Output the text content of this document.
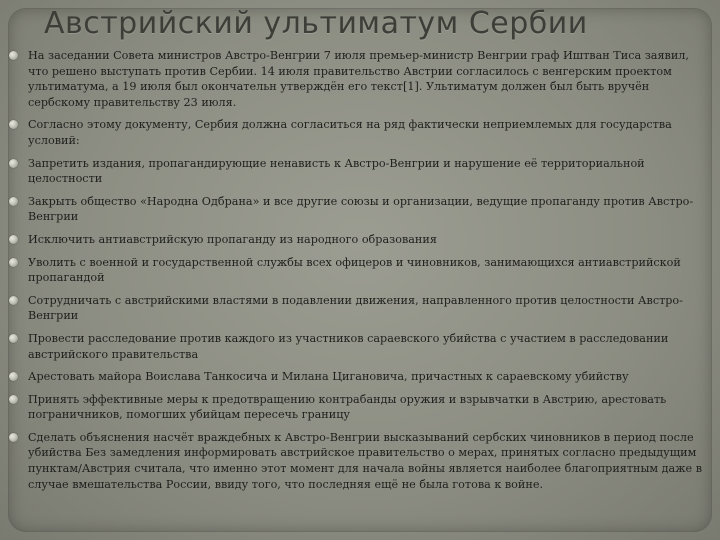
Австрийский ультиматум Сербии
На заседании Совета министров Австро-Венгрии 7 июля премьер-министр Венгрии граф Иштван Тиса заявил, что решено выступать против Сербии. 14 июля правительство Австрии согласилось с венгерским проектом ультиматума, а 19 июля был окончательн утверждён его текст[1]. Ультиматум должен был быть вручён сербскому правительству 23 июля.
Согласно этому документу, Сербия должна согласиться на ряд фактически неприемлемых для государства условий:
Запретить издания, пропагандирующие ненависть к Австро-Венгрии и нарушение её территориальной целостности
Закрыть общество «Народна Одбрана» и все другие союзы и организации, ведущие пропаганду против Австро-Венгрии
Исключить антиавстрийскую пропаганду из народного образования
Уволить с военной и государственной службы всех офицеров и чиновников, занимающихся антиавстрийской пропагандой
Сотрудничать с австрийскими властями в подавлении движения, направленного против целостности Австро-Венгрии
Провести расследование против каждого из участников сараевского убийства с участием в расследовании австрийского правительства
Арестовать майора Воислава Танкосича и Милана Цигановича, причастных к сараевскому убийству
Принять эффективные меры к предотвращению контрабанды оружия и взрывчатки в Австрию, арестовать пограничников, помогших убийцам пересечь границу
Сделать объяснения насчёт враждебных к Австро-Венгрии высказываний сербских чиновников в период после убийства Без замедления информировать австрийское правительство о мерах, принятых согласно предыдущим пунктам/Австрия считала, что именно этот момент для начала войны является наиболее благоприятным даже в случае вмешательства России, ввиду того, что последняя ещё не была готова к войне.
